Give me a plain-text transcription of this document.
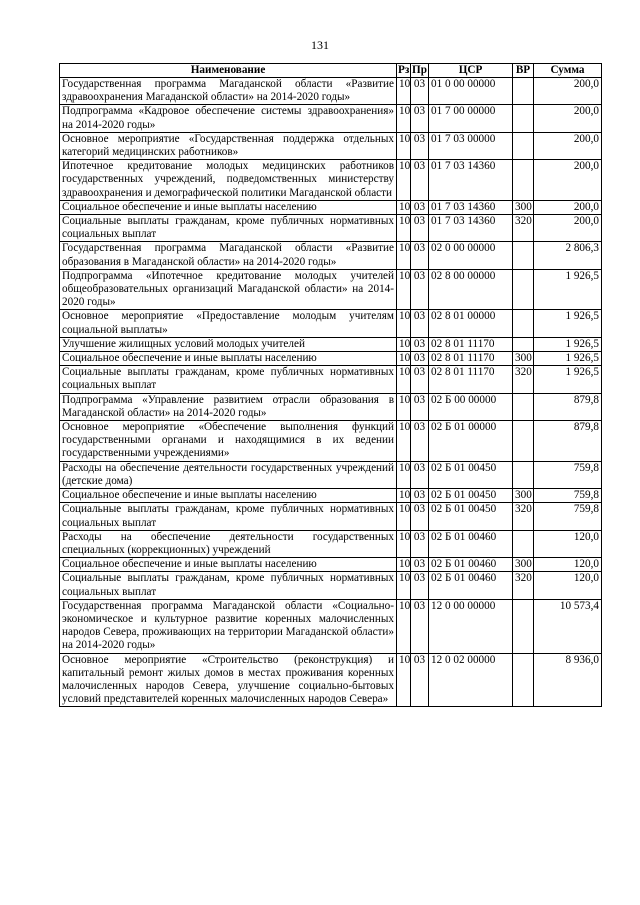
131
Наименование	Рз	Пр	ЦСР	ВР	Сумма
Государственная программа Магаданской области «Развитие здравоохранения Магаданской области» на 2014-2020 годы»	10	03	01 0 00 00000		200,0
Подпрограмма «Кадровое обеспечение системы здравоохранения» на 2014-2020 годы»	10	03	01 7 00 00000		200,0
Основное мероприятие «Государственная поддержка отдельных категорий медицинских работников»	10	03	01 7 03 00000		200,0
Ипотечное кредитование молодых медицинских работников государственных учреждений, подведомственных министерству здравоохранения и демографической политики Магаданской области	10	03	01 7 03 14360		200,0
Социальное обеспечение и иные выплаты населению	10	03	01 7 03 14360	300	200,0
Социальные выплаты гражданам, кроме публичных нормативных социальных выплат	10	03	01 7 03 14360	320	200,0
Государственная программа Магаданской области «Развитие образования в Магаданской области» на 2014-2020 годы»	10	03	02 0 00 00000		2 806,3
Подпрограмма «Ипотечное кредитование молодых учителей общеобразовательных организаций Магаданской области» на 2014-2020 годы»	10	03	02 8 00 00000		1 926,5
Основное мероприятие «Предоставление молодым учителям социальной выплаты»	10	03	02 8 01 00000		1 926,5
Улучшение жилищных условий молодых учителей	10	03	02 8 01 11170		1 926,5
Социальное обеспечение и иные выплаты населению	10	03	02 8 01 11170	300	1 926,5
Социальные выплаты гражданам, кроме публичных нормативных социальных выплат	10	03	02 8 01 11170	320	1 926,5
Подпрограмма «Управление развитием отрасли образования в Магаданской области» на 2014-2020 годы»	10	03	02 Б 00 00000		879,8
Основное мероприятие «Обеспечение выполнения функций государственными органами и находящимися в их ведении государственными учреждениями»	10	03	02 Б 01 00000		879,8
Расходы на обеспечение деятельности государственных учреждений (детские дома)	10	03	02 Б 01 00450		759,8
Социальное обеспечение и иные выплаты населению	10	03	02 Б 01 00450	300	759,8
Социальные выплаты гражданам, кроме публичных нормативных социальных выплат	10	03	02 Б 01 00450	320	759,8
Расходы на обеспечение деятельности государственных специальных (коррекционных) учреждений	10	03	02 Б 01 00460		120,0
Социальное обеспечение и иные выплаты населению	10	03	02 Б 01 00460	300	120,0
Социальные выплаты гражданам, кроме публичных нормативных социальных выплат	10	03	02 Б 01 00460	320	120,0
Государственная программа Магаданской области «Социально-экономическое и культурное развитие коренных малочисленных народов Севера, проживающих на территории Магаданской области» на 2014-2020 годы»	10	03	12 0 00 00000		10 573,4
Основное мероприятие «Строительство (реконструкция) и капитальный ремонт жилых домов в местах проживания коренных малочисленных народов Севера, улучшение социально-бытовых условий представителей коренных малочисленных народов Севера»	10	03	12 0 02 00000		8 936,0
